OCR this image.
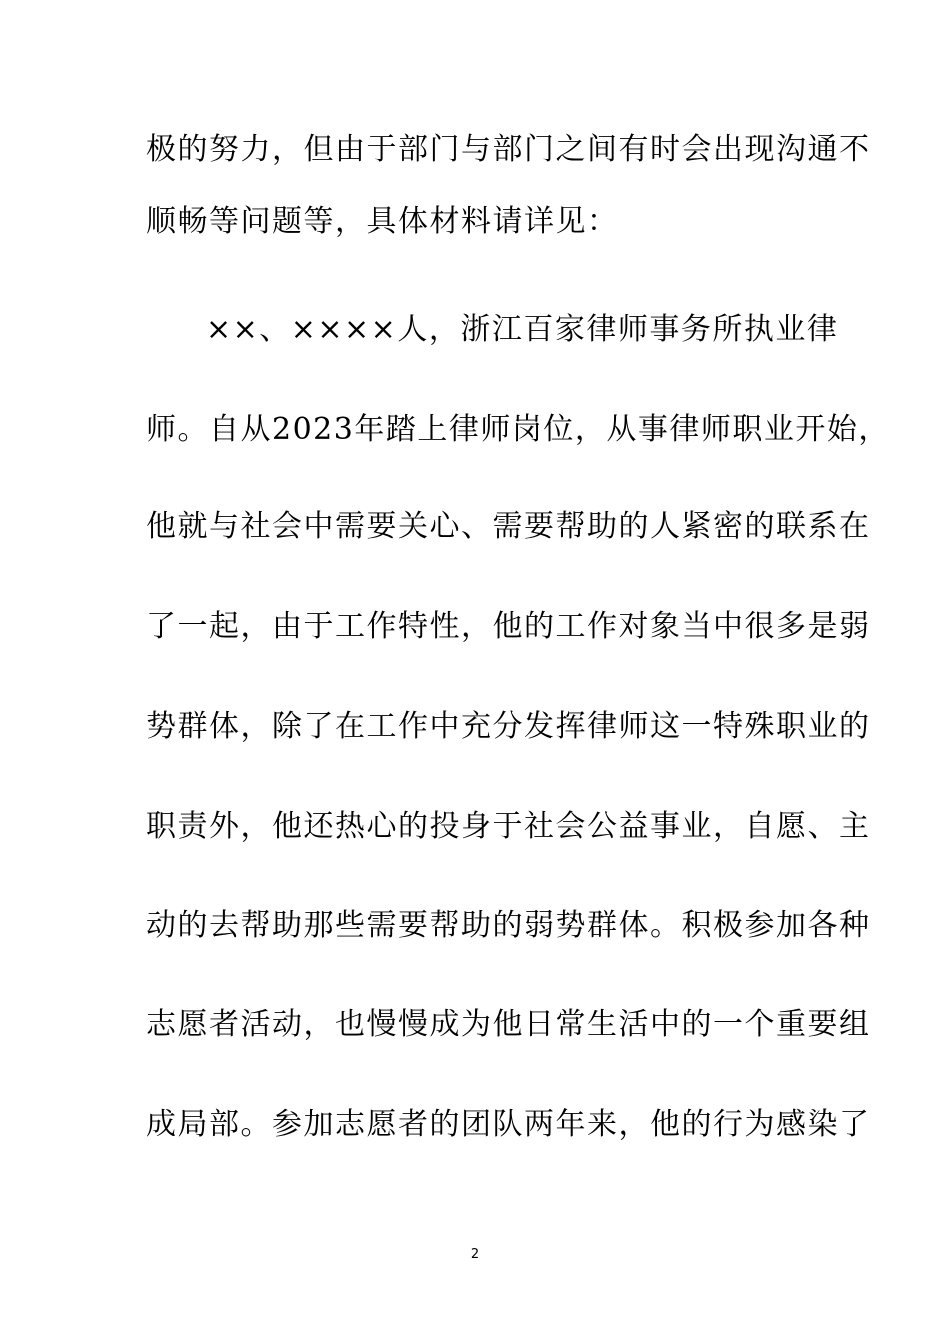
极的努力，但由于部门与部门之间有时会出现沟通不
顺畅等问题等，具体材料请详见：
××、××××人，浙江百家律师事务所执业律
师。自从2023年踏上律师岗位，从事律师职业开始，
他就与社会中需要关心、需要帮助的人紧密的联系在
了一起，由于工作特性，他的工作对象当中很多是弱
势群体，除了在工作中充分发挥律师这一特殊职业的
职责外，他还热心的投身于社会公益事业，自愿、主
动的去帮助那些需要帮助的弱势群体。积极参加各种
志愿者活动，也慢慢成为他日常生活中的一个重要组
成局部。参加志愿者的团队两年来，他的行为感染了
2
